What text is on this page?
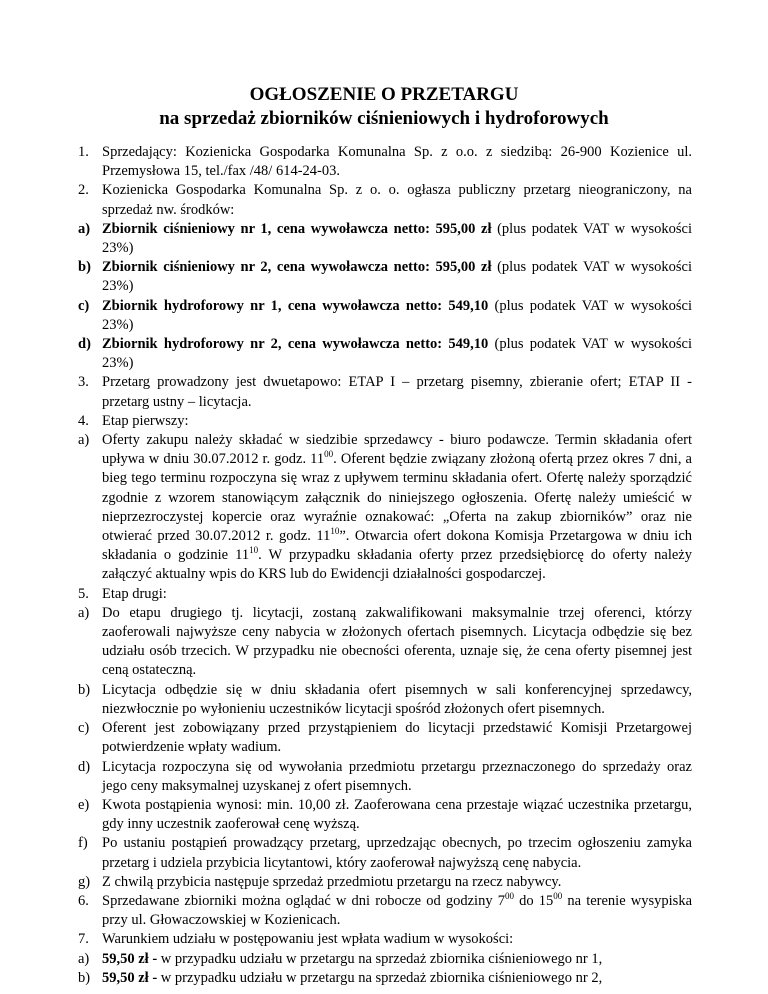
OGŁOSZENIE O PRZETARGU
na sprzedaż zbiorników ciśnieniowych i hydroforowych
1. Sprzedający: Kozienicka Gospodarka Komunalna Sp. z o.o. z siedzibą: 26-900 Kozienice ul. Przemysłowa 15, tel./fax /48/ 614-24-03.
2. Kozienicka Gospodarka Komunalna Sp. z o. o. ogłasza publiczny przetarg nieograniczony, na sprzedaż nw. środków:
a) Zbiornik ciśnieniowy nr 1, cena wywoławcza netto: 595,00 zł (plus podatek VAT w wysokości 23%)
b) Zbiornik ciśnieniowy nr 2, cena wywoławcza netto: 595,00 zł (plus podatek VAT w wysokości 23%)
c) Zbiornik hydroforowy nr 1, cena wywoławcza netto: 549,10 (plus podatek VAT w wysokości 23%)
d) Zbiornik hydroforowy nr 2, cena wywoławcza netto: 549,10 (plus podatek VAT w wysokości 23%)
3. Przetarg prowadzony jest dwuetapowo: ETAP I – przetarg pisemny, zbieranie ofert; ETAP II - przetarg ustny – licytacja.
4. Etap pierwszy:
a) Oferty zakupu należy składać w siedzibie sprzedawcy - biuro podawcze. Termin składania ofert upływa w dniu 30.07.2012 r. godz. $11^{00}$. Oferent będzie związany złożoną ofertą przez okres 7 dni, a bieg tego terminu rozpoczyna się wraz z upływem terminu składania ofert. Ofertę należy sporządzić zgodnie z wzorem stanowiącym załącznik do niniejszego ogłoszenia. Ofertę należy umieścić w nieprzezroczystej kopercie oraz wyraźnie oznakować: „Oferta na zakup zbiorników” oraz nie otwierać przed 30.07.2012 r. godz. $11^{10}$”. Otwarcia ofert dokona Komisja Przetargowa w dniu ich składania o godzinie $11^{10}$. W przypadku składania oferty przez przedsiębiorcę do oferty należy załączyć aktualny wpis do KRS lub do Ewidencji działalności gospodarczej.
5. Etap drugi:
a) Do etapu drugiego tj. licytacji, zostaną zakwalifikowani maksymalnie trzej oferenci, którzy zaoferowali najwyższe ceny nabycia w złożonych ofertach pisemnych. Licytacja odbędzie się bez udziału osób trzecich. W przypadku nie obecności oferenta, uznaje się, że cena oferty pisemnej jest ceną ostateczną.
b) Licytacja odbędzie się w dniu składania ofert pisemnych w sali konferencyjnej sprzedawcy, niezwłocznie po wyłonieniu uczestników licytacji spośród złożonych ofert pisemnych.
c) Oferent jest zobowiązany przed przystąpieniem do licytacji przedstawić Komisji Przetargowej potwierdzenie wpłaty wadium.
d) Licytacja rozpoczyna się od wywołania przedmiotu przetargu przeznaczonego do sprzedaży oraz jego ceny maksymalnej uzyskanej z ofert pisemnych.
e) Kwota postąpienia wynosi: min. 10,00 zł. Zaoferowana cena przestaje wiązać uczestnika przetargu, gdy inny uczestnik zaoferował cenę wyższą.
f) Po ustaniu postąpień prowadzący przetarg, uprzedzając obecnych, po trzecim ogłoszeniu zamyka przetarg i udziela przybicia licytantowi, który zaoferował najwyższą cenę nabycia.
g) Z chwilą przybicia następuje sprzedaż przedmiotu przetargu na rzecz nabywcy.
6. Sprzedawane zbiorniki można oglądać w dni robocze od godziny $7^{00}$ do $15^{00}$ na terenie wysypiska przy ul. Głowaczowskiej w Kozienicach.
7. Warunkiem udziału w postępowaniu jest wpłata wadium w wysokości:
a) 59,50 zł - w przypadku udziału w przetargu na sprzedaż zbiornika ciśnieniowego nr 1,
b) 59,50 zł - w przypadku udziału w przetargu na sprzedaż zbiornika ciśnieniowego nr 2,
